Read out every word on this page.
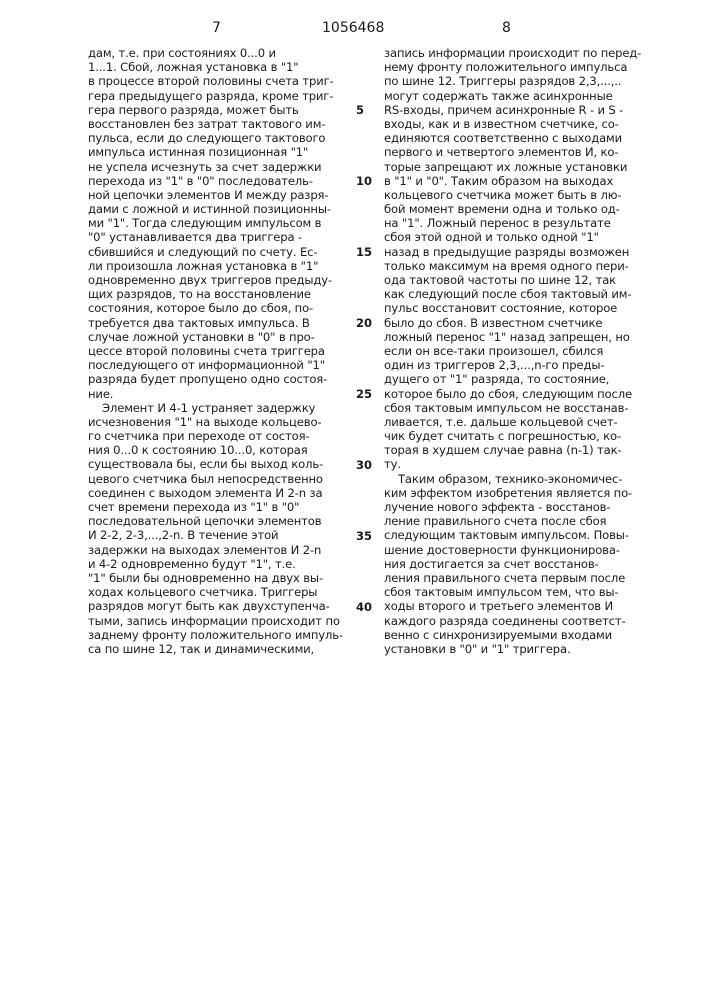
7	1056468	8
дам, т.е. при состояниях 0...0 и
1...1. Сбой, ложная установка в "1"
в процессе второй половины счета триг-
гера предыдущего разряда, кроме триг-
гера первого разряда, может быть
восстановлен без затрат тактового им-
пульса, если до следующего тактового
импульса истинная позиционная "1"
не успела исчезнуть за счет задержки
перехода из "1" в "0" последователь-
ной цепочки элементов И между разря-
дами с ложной и истинной позиционны-
ми "1". Тогда следующим импульсом в
"0" устанавливается два триггера -
сбившийся и следующий по счету. Ес-
ли произошла ложная установка в "1"
одновременно двух триггеров предыду-
щих разрядов, то на восстановление
состояния, которое было до сбоя, по-
требуется два тактовых импульса. В
случае ложной установки в "0" в про-
цессе второй половины счета триггера
последующего от информационной "1"
разряда будет пропущено одно состоя-
ние.
Элемент И 4-1 устраняет задержку
исчезновения "1" на выходе кольцево-
го счетчика при переходе от состоя-
ния 0...0 к состоянию 10...0, которая
существовала бы, если бы выход коль-
цевого счетчика был непосредственно
соединен с выходом элемента И 2-n за
счет времени перехода из "1" в "0"
последовательной цепочки элементов
И 2-2, 2-3,...,2-n. В течение этой
задержки на выходах элементов И 2-n
и 4-2 одновременно будут "1", т.е.
"1" были бы одновременно на двух вы-
ходах кольцевого счетчика. Триггеры
разрядов могут быть как двухступенча-
тыми, запись информации происходит по
заднему фронту положительного импуль-
са по шине 12, так и динамическими,
запись информации происходит по перед-
нему фронту положительного импульса
по шине 12. Триггеры разрядов 2,3,...,..
могут содержать также асинхронные
RS-входы, причем асинхронные R - и S -
входы, как и в известном счетчике, со-
единяются соответственно с выходами
первого и четвертого элементов И, ко-
торые запрещают их ложные установки
в "1" и "0". Таким образом на выходах
кольцевого счетчика может быть в лю-
бой момент времени одна и только од-
на "1". Ложный перенос в результате
сбоя этой одной и только одной "1"
назад в предыдущие разряды возможен
только максимум на время одного пери-
ода тактовой частоты по шине 12, так
как следующий после сбоя тактовый им-
пульс восстановит состояние, которое
было до сбоя. В известном счетчике
ложный перенос "1" назад запрещен, но
если он все-таки произошел, сбился
один из триггеров 2,3,...,n-го преды-
дущего от "1" разряда, то состояние,
которое было до сбоя, следующим после
сбоя тактовым импульсом не восстанав-
ливается, т.е. дальше кольцевой счет-
чик будет считать с погрешностью, ко-
торая в худшем случае равна (n-1) так-
ту.
Таким образом, технико-экономичес-
ким эффектом изобретения является по-
лучение нового эффекта - восстанов-
ление правильного счета после сбоя
следующим тактовым импульсом. Повы-
шение достоверности функционирова-
ния достигается за счет восстанов-
ления правильного счета первым после
сбоя тактовым импульсом тем, что вы-
ходы второго и третьего элементов И
каждого разряда соединены соответст-
венно с синхронизируемыми входами
установки в "0" и "1" триггера.
5
10
15
20
25
30
35
40
